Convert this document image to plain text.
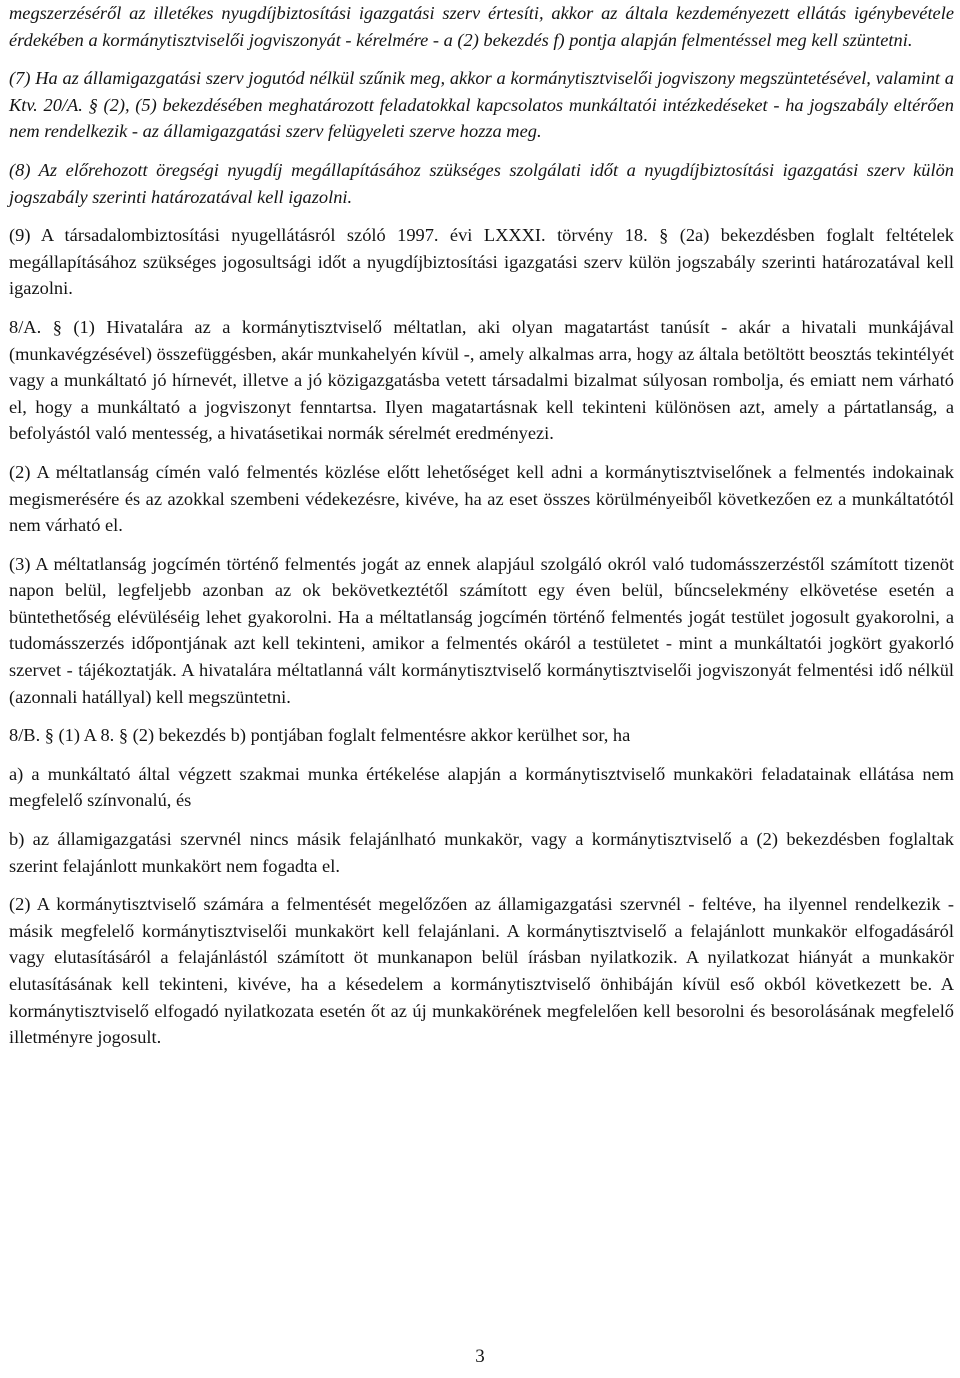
megszerzéséről az illetékes nyugdíjbiztosítási igazgatási szerv értesíti, akkor az általa kezdeményezett ellátás igénybevétele érdekében a kormánytisztviselői jogviszonyát - kérelmére - a (2) bekezdés f) pontja alapján felmentéssel meg kell szüntetni.

(7) Ha az államigazgatási szerv jogutód nélkül szűnik meg, akkor a kormánytisztviselői jogviszony megszüntetésével, valamint a Ktv. 20/A. § (2), (5) bekezdésében meghatározott feladatokkal kapcsolatos munkáltatói intézkedéseket - ha jogszabály eltérően nem rendelkezik - az államigazgatási szerv felügyeleti szerve hozza meg.

(8) Az előrehozott öregségi nyugdíj megállapításához szükséges szolgálati időt a nyugdíjbiztosítási igazgatási szerv külön jogszabály szerinti határozatával kell igazolni.

(9) A társadalombiztosítási nyugellátásról szóló 1997. évi LXXXI. törvény 18. § (2a) bekezdésben foglalt feltételek megállapításához szükséges jogosultsági időt a nyugdíjbiztosítási igazgatási szerv külön jogszabály szerinti határozatával kell igazolni.

8/A. § (1) Hivatalára az a kormánytisztviselő méltatlan, aki olyan magatartást tanúsít - akár a hivatali munkájával (munkavégzésével) összefüggésben, akár munkahelyén kívül -, amely alkalmas arra, hogy az általa betöltött beosztás tekintélyét vagy a munkáltató jó hírnevét, illetve a jó közigazgatásba vetett társadalmi bizalmat súlyosan rombolja, és emiatt nem várható el, hogy a munkáltató a jogviszonyt fenntartsa. Ilyen magatartásnak kell tekinteni különösen azt, amely a pártatlanság, a befolyástól való mentesség, a hivatásetikai normák sérelmét eredményezi.

(2) A méltatlanság címén való felmentés közlése előtt lehetőséget kell adni a kormánytisztviselőnek a felmentés indokainak megismerésére és az azokkal szembeni védekezésre, kivéve, ha az eset összes körülményeiből következően ez a munkáltatótól nem várható el.

(3) A méltatlanság jogcímén történő felmentés jogát az ennek alapjául szolgáló okról való tudomásszerzéstől számított tizenöt napon belül, legfeljebb azonban az ok bekövetkeztétől számított egy éven belül, bűncselekmény elkövetése esetén a büntethetőség elévüléséig lehet gyakorolni. Ha a méltatlanság jogcímén történő felmentés jogát testület jogosult gyakorolni, a tudomásszerzés időpontjának azt kell tekinteni, amikor a felmentés okáról a testületet - mint a munkáltatói jogkört gyakorló szervet - tájékoztatják. A hivatalára méltatlanná vált kormánytisztviselő kormánytisztviselői jogviszonyát felmentési idő nélkül (azonnali hatállyal) kell megszüntetni.

8/B. § (1) A 8. § (2) bekezdés b) pontjában foglalt felmentésre akkor kerülhet sor, ha

a) a munkáltató által végzett szakmai munka értékelése alapján a kormánytisztviselő munkaköri feladatainak ellátása nem megfelelő színvonalú, és

b) az államigazgatási szervnél nincs másik felajánlható munkakör, vagy a kormánytisztviselő a (2) bekezdésben foglaltak szerint felajánlott munkakört nem fogadta el.

(2) A kormánytisztviselő számára a felmentését megelőzően az államigazgatási szervnél - feltéve, ha ilyennel rendelkezik - másik megfelelő kormánytisztviselői munkakört kell felajánlani. A kormánytisztviselő a felajánlott munkakör elfogadásáról vagy elutasításáról a felajánlástól számított öt munkanapon belül írásban nyilatkozik. A nyilatkozat hiányát a munkakör elutasításának kell tekinteni, kivéve, ha a késedelem a kormánytisztviselő önhibáján kívül eső okból következett be. A kormánytisztviselő elfogadó nyilatkozata esetén őt az új munkakörének megfelelően kell besorolni és besorolásának megfelelő illetményre jogosult.

3
